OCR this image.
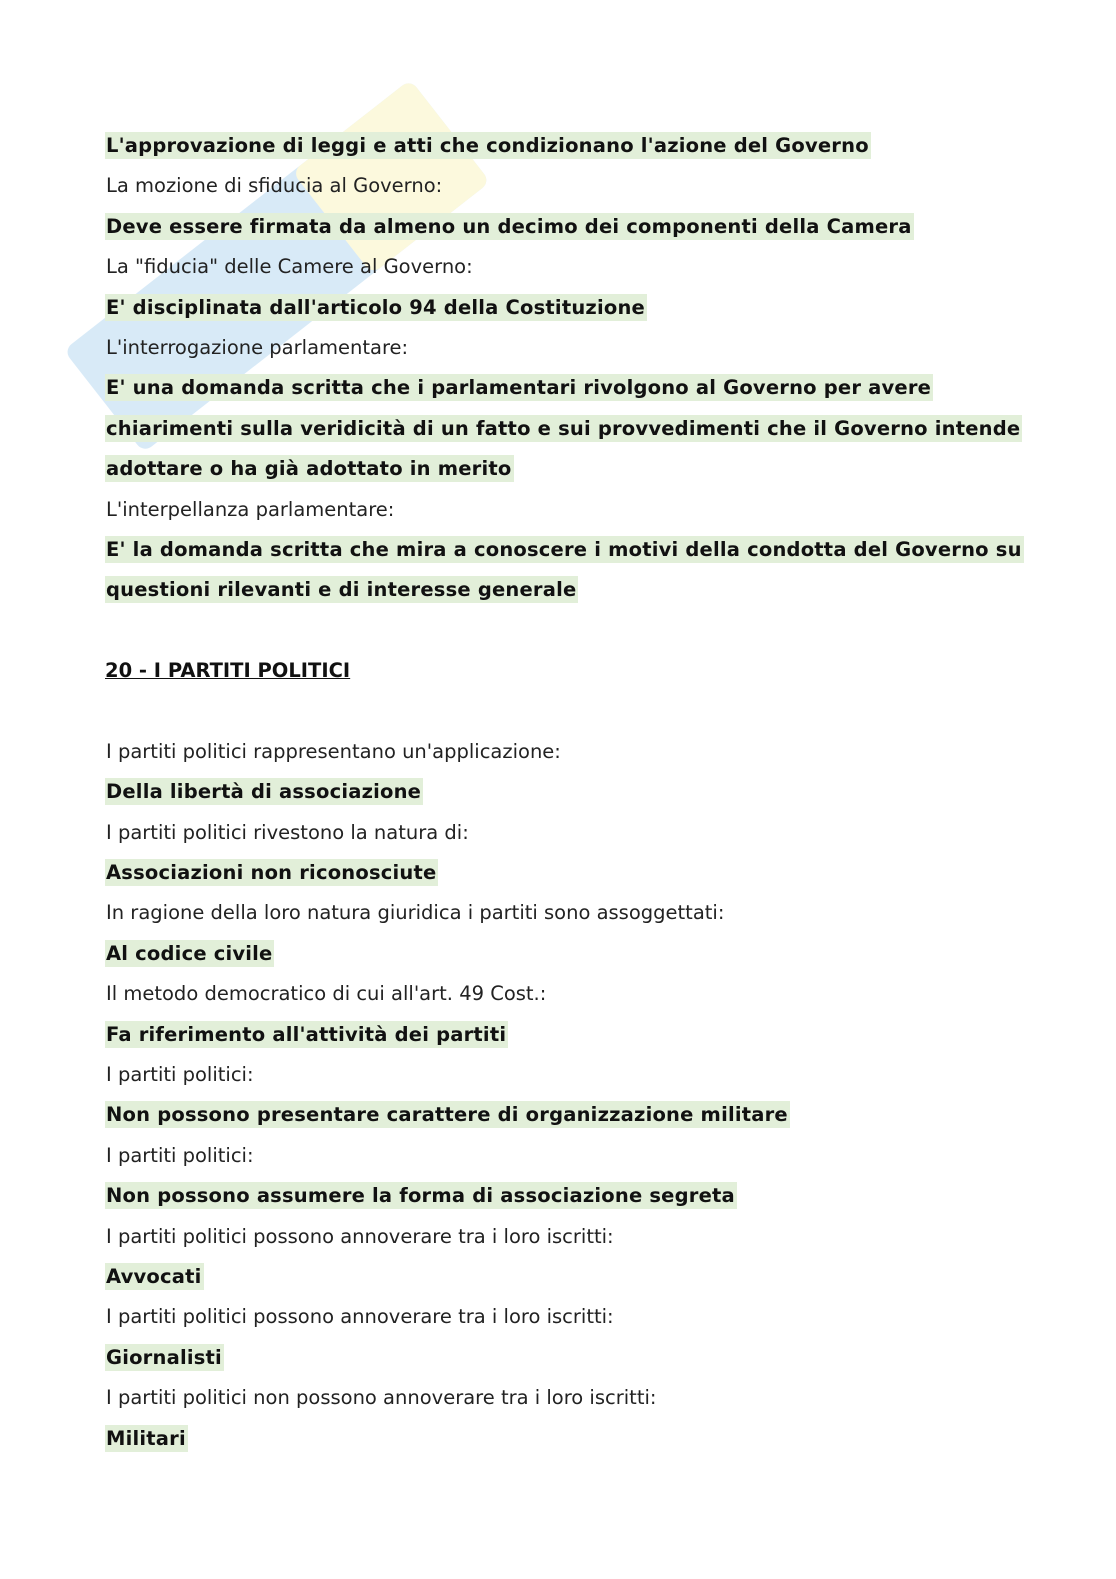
L'approvazione di leggi e atti che condizionano l'azione del Governo
La mozione di sfiducia al Governo:
Deve essere firmata da almeno un decimo dei componenti della Camera
La "fiducia" delle Camere al Governo:
E' disciplinata dall'articolo 94 della Costituzione
L'interrogazione parlamentare:
E' una domanda scritta che i parlamentari rivolgono al Governo per avere
chiarimenti sulla veridicità di un fatto e sui provvedimenti che il Governo intende
adottare o ha già adottato in merito
L'interpellanza parlamentare:
E' la domanda scritta che mira a conoscere i motivi della condotta del Governo su
questioni rilevanti e di interesse generale
20 - I PARTITI POLITICI
I partiti politici rappresentano un'applicazione:
Della libertà di associazione
I partiti politici rivestono la natura di:
Associazioni non riconosciute
In ragione della loro natura giuridica i partiti sono assoggettati:
Al codice civile
Il metodo democratico di cui all'art. 49 Cost.:
Fa riferimento all'attività dei partiti
I partiti politici:
Non possono presentare carattere di organizzazione militare
I partiti politici:
Non possono assumere la forma di associazione segreta
I partiti politici possono annoverare tra i loro iscritti:
Avvocati
I partiti politici possono annoverare tra i loro iscritti:
Giornalisti
I partiti politici non possono annoverare tra i loro iscritti:
Militari
